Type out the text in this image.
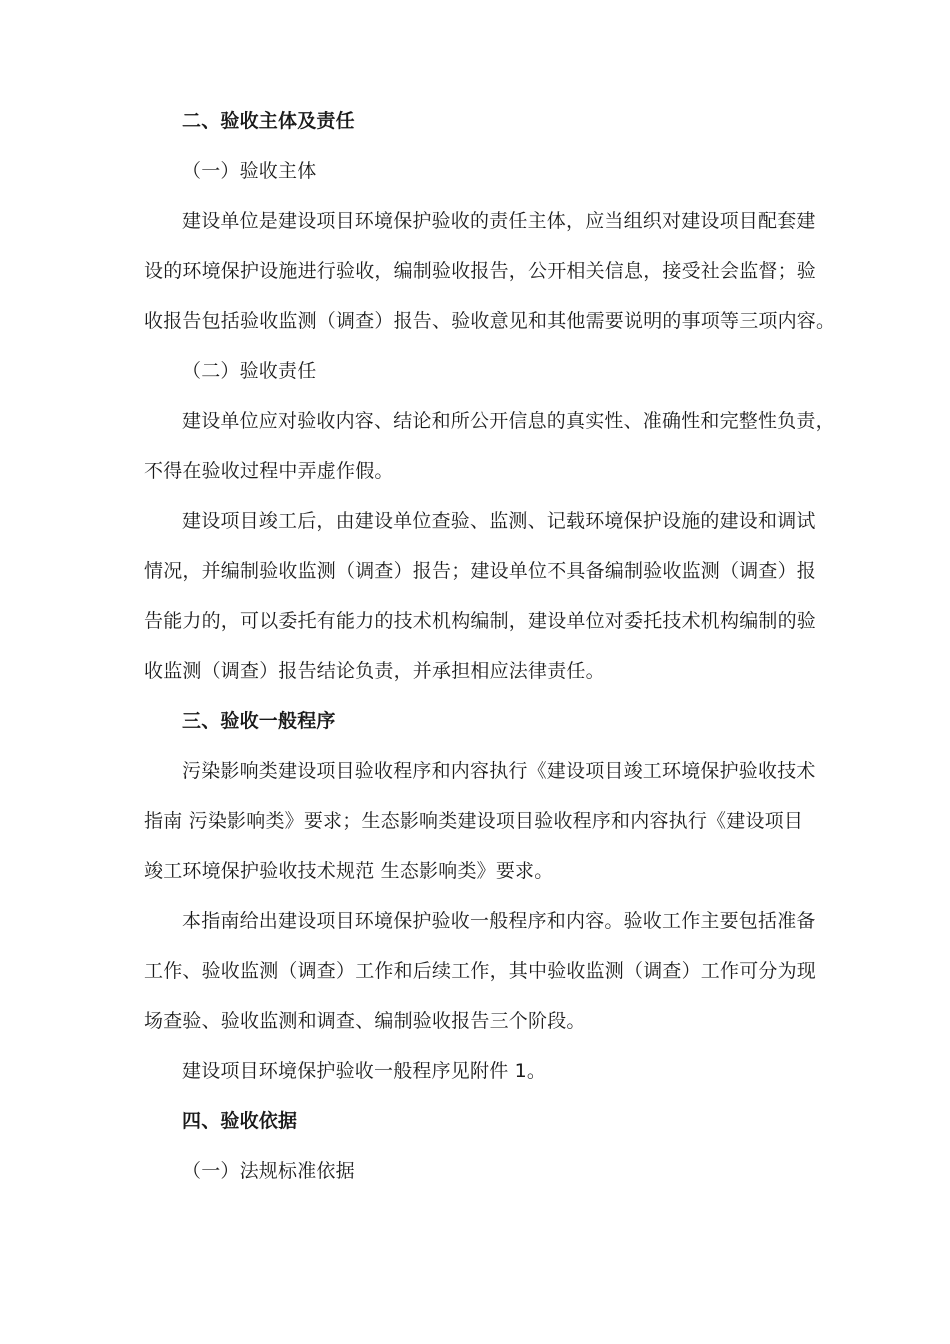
二、验收主体及责任
（一）验收主体
建设单位是建设项目环境保护验收的责任主体，应当组织对建设项目配套建
设的环境保护设施进行验收，编制验收报告，公开相关信息，接受社会监督；验
收报告包括验收监测（调查）报告、验收意见和其他需要说明的事项等三项内容。
（二）验收责任
建设单位应对验收内容、结论和所公开信息的真实性、准确性和完整性负责，
不得在验收过程中弄虚作假。
建设项目竣工后，由建设单位查验、监测、记载环境保护设施的建设和调试
情况，并编制验收监测（调查）报告；建设单位不具备编制验收监测（调查）报
告能力的，可以委托有能力的技术机构编制，建设单位对委托技术机构编制的验
收监测（调查）报告结论负责，并承担相应法律责任。
三、验收一般程序
污染影响类建设项目验收程序和内容执行《建设项目竣工环境保护验收技术
指南 污染影响类》要求；生态影响类建设项目验收程序和内容执行《建设项目
竣工环境保护验收技术规范 生态影响类》要求。
本指南给出建设项目环境保护验收一般程序和内容。验收工作主要包括准备
工作、验收监测（调查）工作和后续工作，其中验收监测（调查）工作可分为现
场查验、验收监测和调查、编制验收报告三个阶段。
建设项目环境保护验收一般程序见附件 1。
四、验收依据
（一）法规标准依据
